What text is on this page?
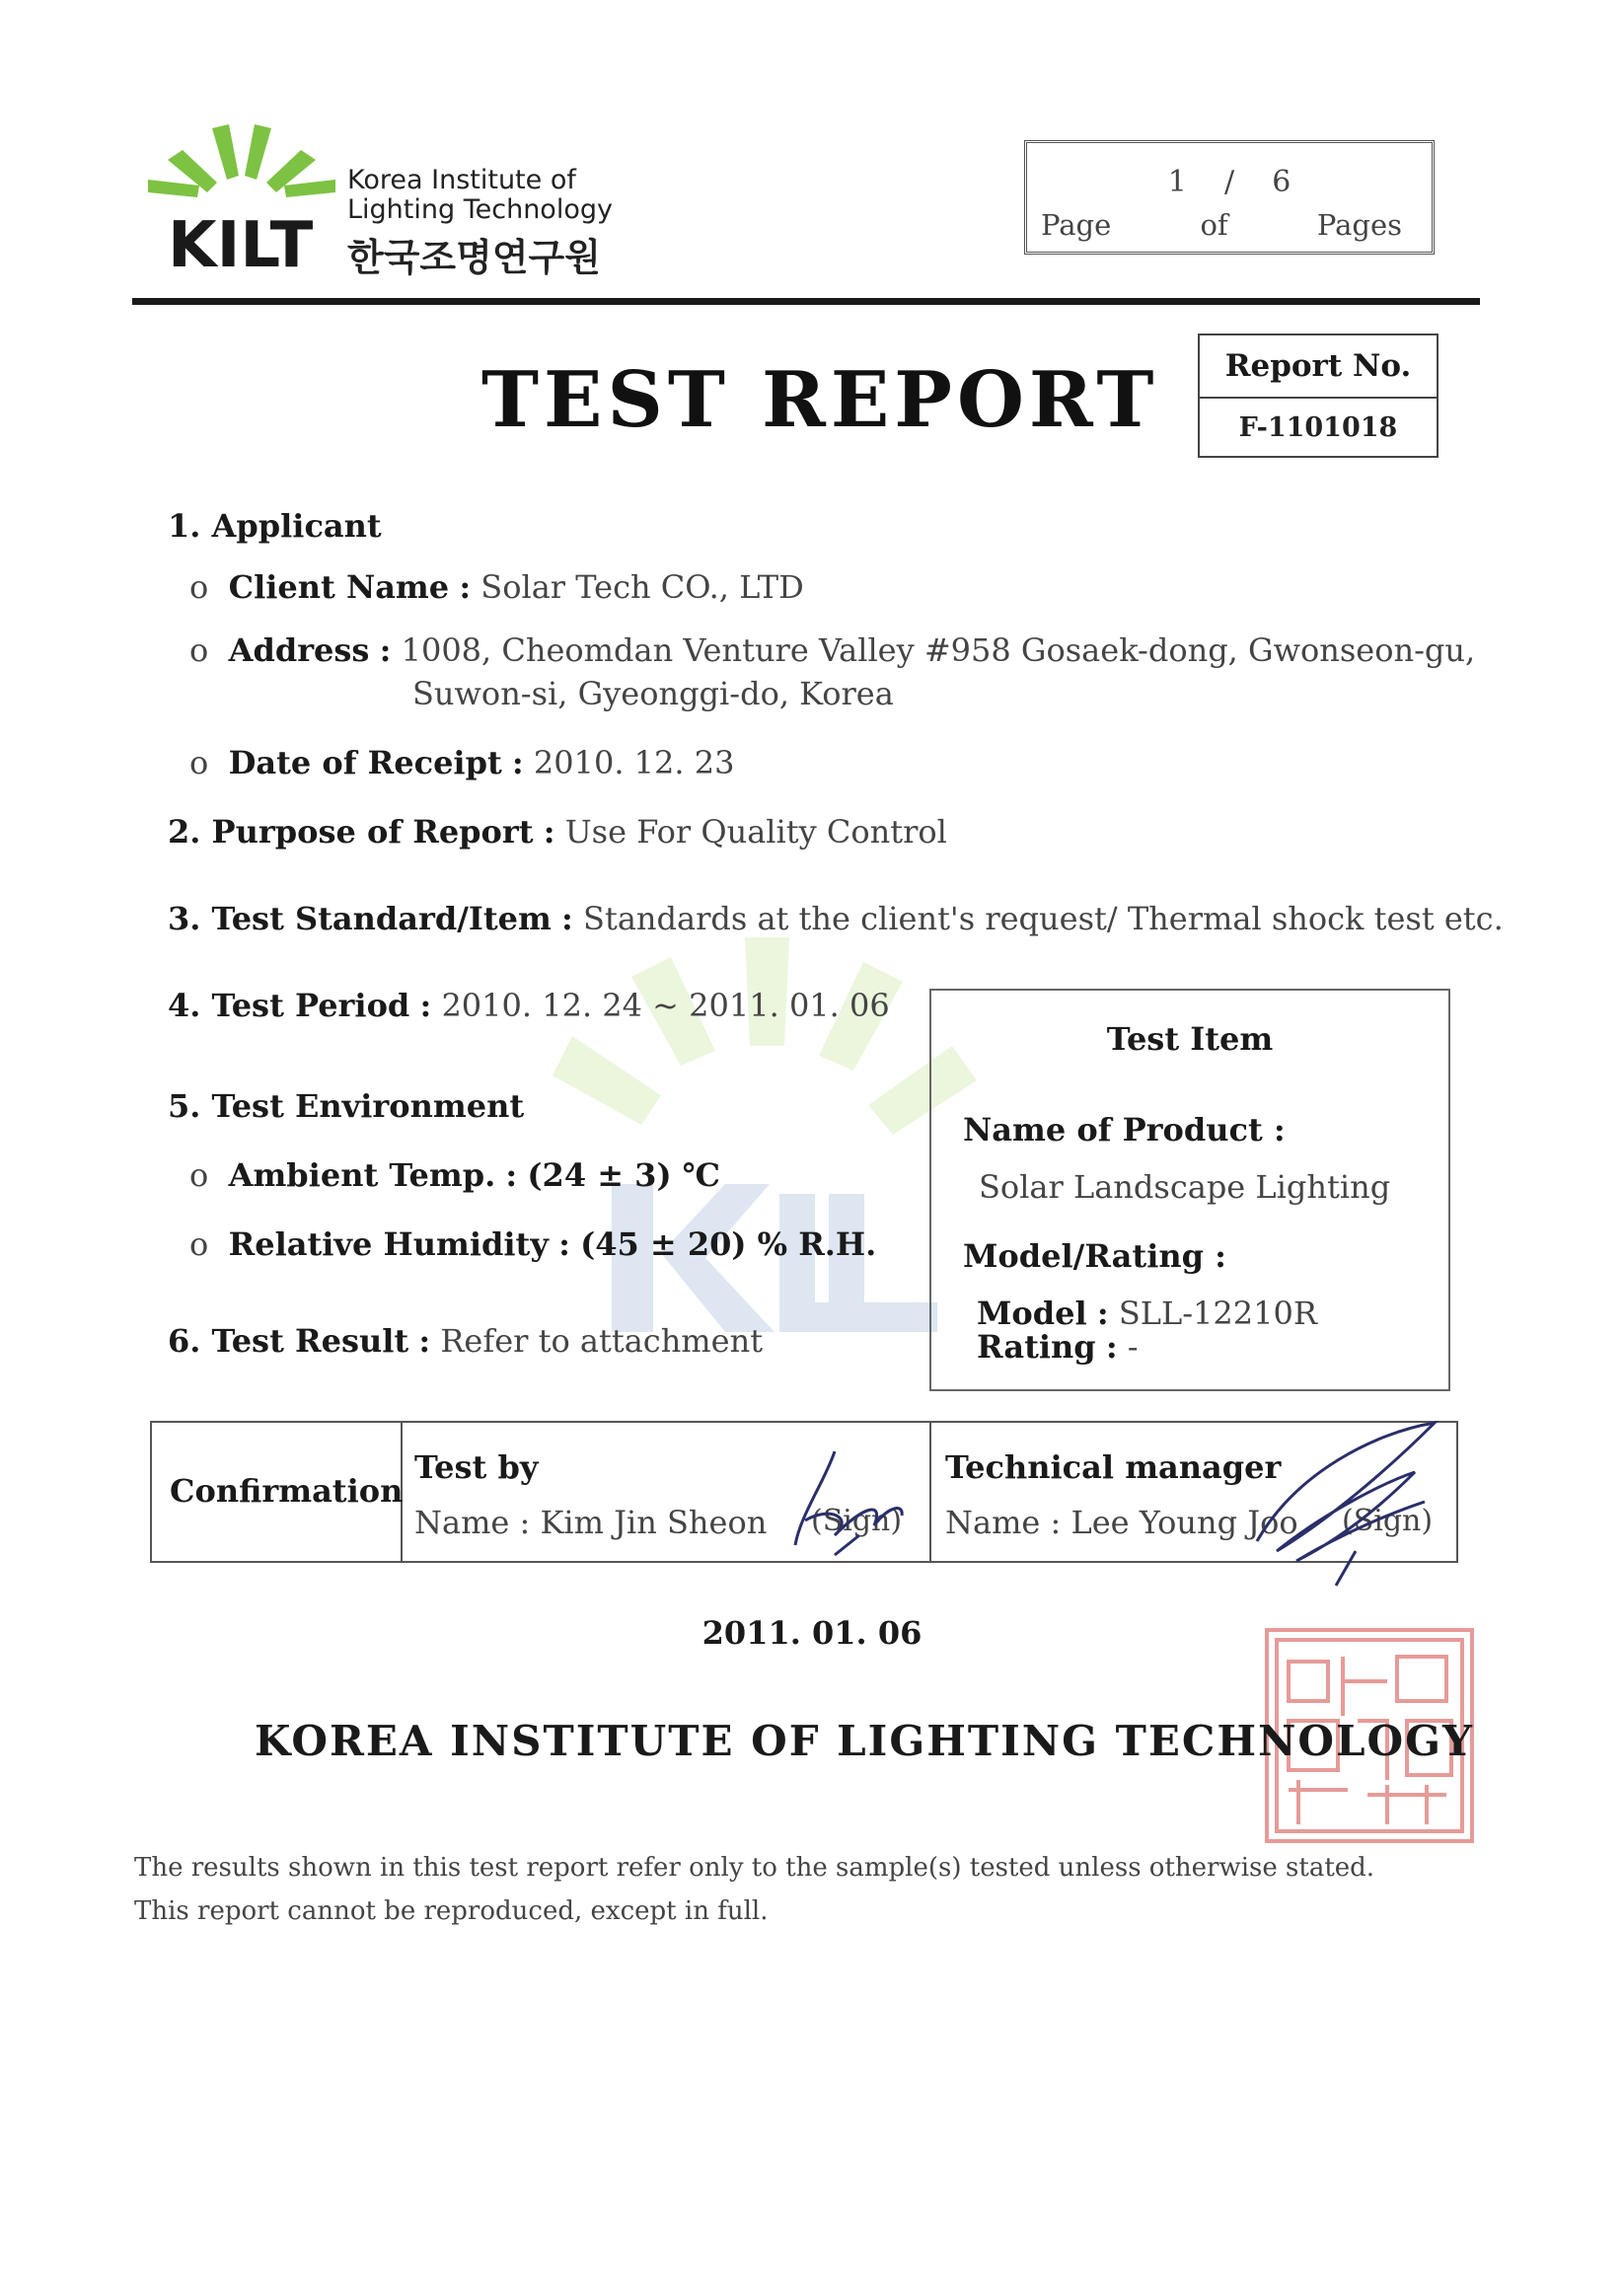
KILT
Korea Institute of
Lighting Technology
한국조명연구원
1 / 6
Page	of	Pages
TEST REPORT	Report No.
F-1101018
1. Applicant
o Client Name : Solar Tech CO., LTD
o Address : 1008, Cheomdan Venture Valley #958 Gosaek-dong, Gwonseon-gu,
Suwon-si, Gyeonggi-do, Korea
o Date of Receipt : 2010. 12. 23
2. Purpose of Report : Use For Quality Control
3. Test Standard/Item : Standards at the client's request/ Thermal shock test etc.
4. Test Period : 2010. 12. 24 ~ 2011. 01. 06
5. Test Environment
o Ambient Temp. : (24 ± 3) ℃
o Relative Humidity : (45 ± 20) % R.H.
6. Test Result : Refer to attachment
Test Item
Name of Product :
Solar Landscape Lighting
Model/Rating :
Model : SLL-12210R
Rating : -
Confirmation
Test by
Name : Kim Jin Sheon (Sign)
Technical manager
Name : Lee Young Joo (Sign)
2011. 01. 06
KOREA INSTITUTE OF LIGHTING TECHNOLOGY
The results shown in this test report refer only to the sample(s) tested unless otherwise stated.
This report cannot be reproduced, except in full.
